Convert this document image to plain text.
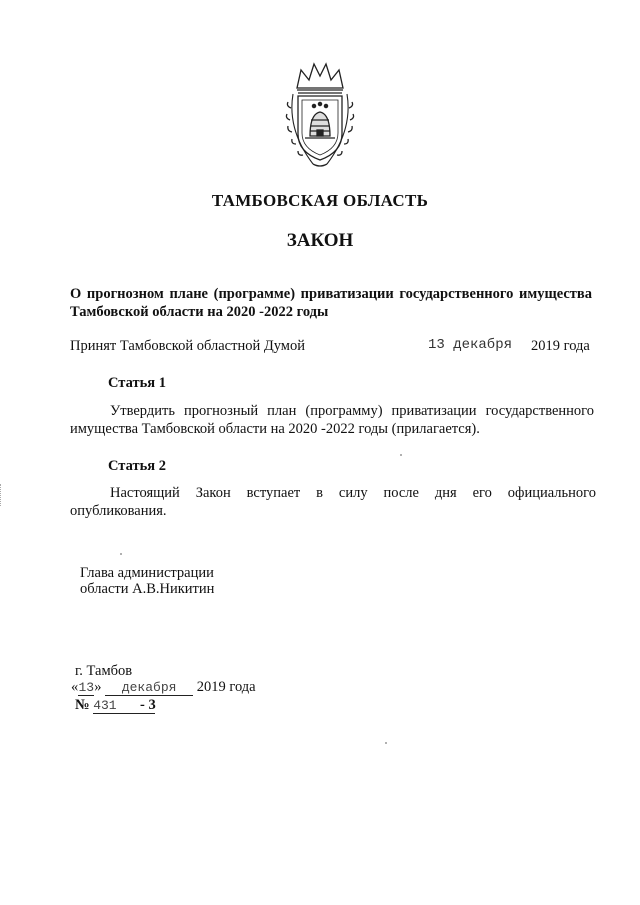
ТАМБОВСКАЯ ОБЛАСТЬ
ЗАКОН
О прогнозном плане (программе) приватизации государственного имущества Тамбовской области на 2020 -2022 годы
Принят Тамбовской областной Думой	13 декабря 2019 года
Статья 1
Утвердить прогнозный план (программу) приватизации государственного имущества Тамбовской области на 2020 -2022 годы (прилагается).
Статья 2
Настоящий Закон вступает в силу после дня его официального опубликования.
Глава администрации
области А.В.Никитин
г. Тамбов
«13» декабря 2019 года
№ 431 - 3
